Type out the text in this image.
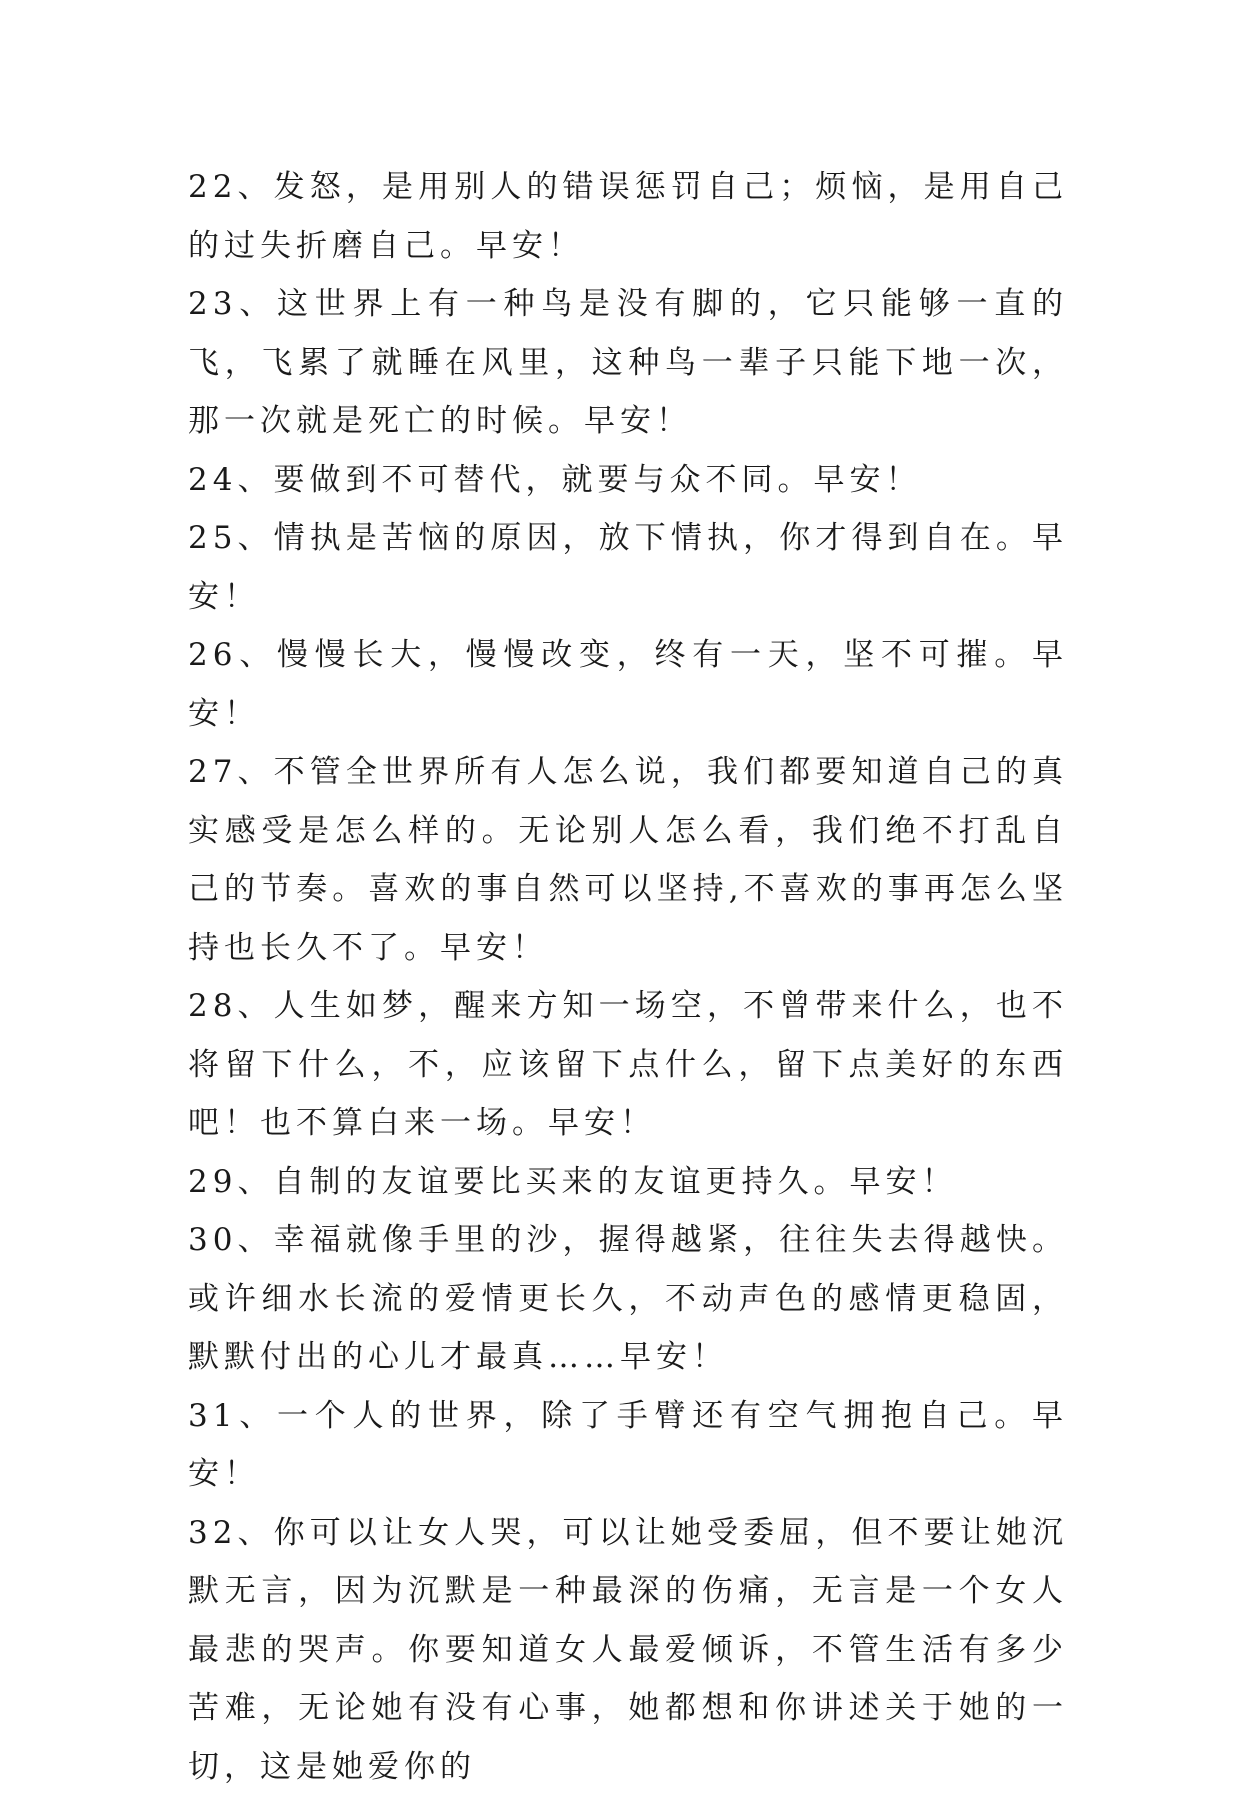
22、发怒，是用别人的错误惩罚自己；烦恼，是用自己的过失折磨自己。早安！

23、这世界上有一种鸟是没有脚的，它只能够一直的飞，飞累了就睡在风里，这种鸟一辈子只能下地一次，那一次就是死亡的时候。早安！

24、要做到不可替代，就要与众不同。早安！

25、情执是苦恼的原因，放下情执，你才得到自在。早安！

26、慢慢长大，慢慢改变，终有一天，坚不可摧。早安！

27、不管全世界所有人怎么说，我们都要知道自己的真实感受是怎么样的。无论别人怎么看，我们绝不打乱自己的节奏。喜欢的事自然可以坚持,不喜欢的事再怎么坚持也长久不了。早安！

28、人生如梦，醒来方知一场空，不曾带来什么，也不将留下什么，不，应该留下点什么，留下点美好的东西吧！也不算白来一场。早安！

29、自制的友谊要比买来的友谊更持久。早安！

30、幸福就像手里的沙，握得越紧，往往失去得越快。或许细水长流的爱情更长久，不动声色的感情更稳固，默默付出的心儿才最真……早安！

31、一个人的世界，除了手臂还有空气拥抱自己。早安！

32、你可以让女人哭，可以让她受委屈，但不要让她沉默无言，因为沉默是一种最深的伤痛，无言是一个女人最悲的哭声。你要知道女人最爱倾诉，不管生活有多少苦难，无论她有没有心事，她都想和你讲述关于她的一切，这是她爱你的
